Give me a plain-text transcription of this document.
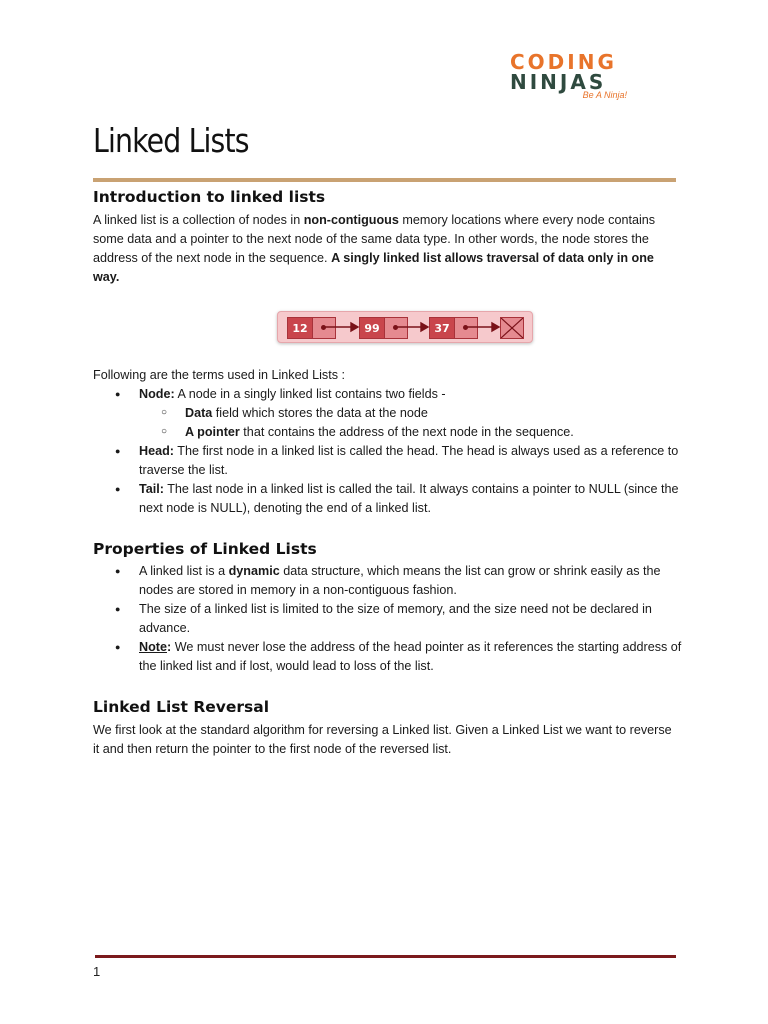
CODING
NINJAS
Be A Ninja!
Linked Lists
Introduction to linked lists

A linked list is a collection of nodes in non-contiguous memory locations where every node contains some data and a pointer to the next node of the same data type. In other words, the node stores the address of the next node in the sequence. A singly linked list allows traversal of data only in one way.

12	99	37

Following are the terms used in Linked Lists :

● Node: A node in a singly linked list contains two fields -
○ Data field which stores the data at the node
○ A pointer that contains the address of the next node in the sequence.
● Head: The first node in a linked list is called the head. The head is always used as a reference to traverse the list.
● Tail: The last node in a linked list is called the tail. It always contains a pointer to NULL (since the next node is NULL), denoting the end of a linked list.
Properties of Linked Lists
● A linked list is a dynamic data structure, which means the list can grow or shrink easily as the nodes are stored in memory in a non-contiguous fashion.
● The size of a linked list is limited to the size of memory, and the size need not be declared in advance.
● Note: We must never lose the address of the head pointer as it references the starting address of the linked list and if lost, would lead to loss of the list.
Linked List Reversal

We first look at the standard algorithm for reversing a Linked list. Given a Linked List we want to reverse it and then return the pointer to the first node of the reversed list.

1
